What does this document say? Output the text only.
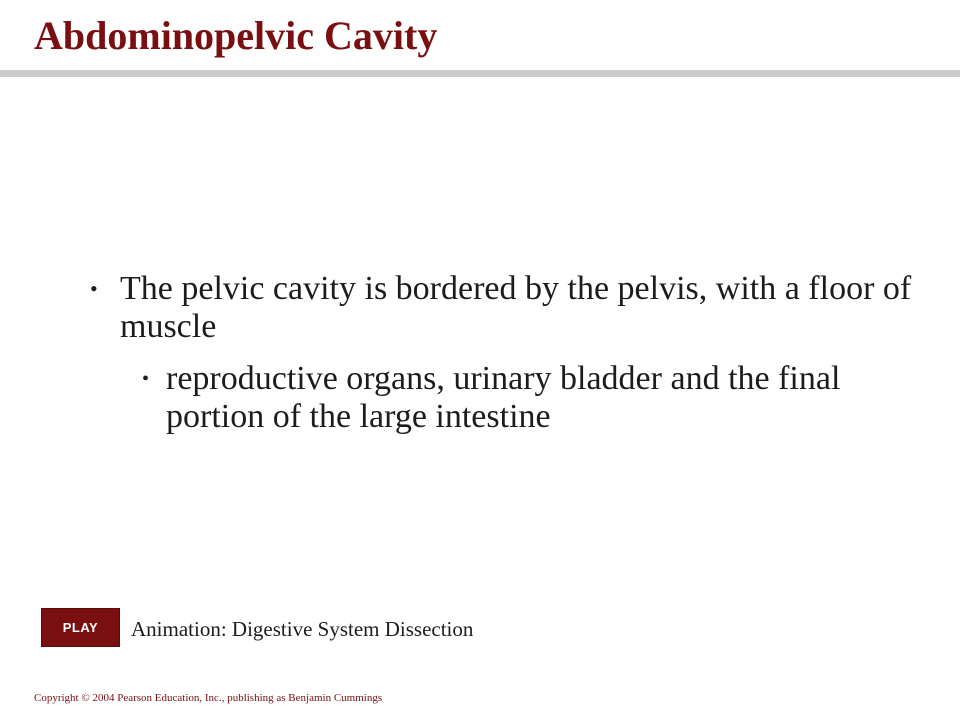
Abdominopelvic Cavity
• The pelvic cavity is bordered by the pelvis, with a floor of muscle
• reproductive organs, urinary bladder and the final portion of the large intestine
PLAY	Animation: Digestive System Dissection
Copyright © 2004 Pearson Education, Inc., publishing as Benjamin Cummings
